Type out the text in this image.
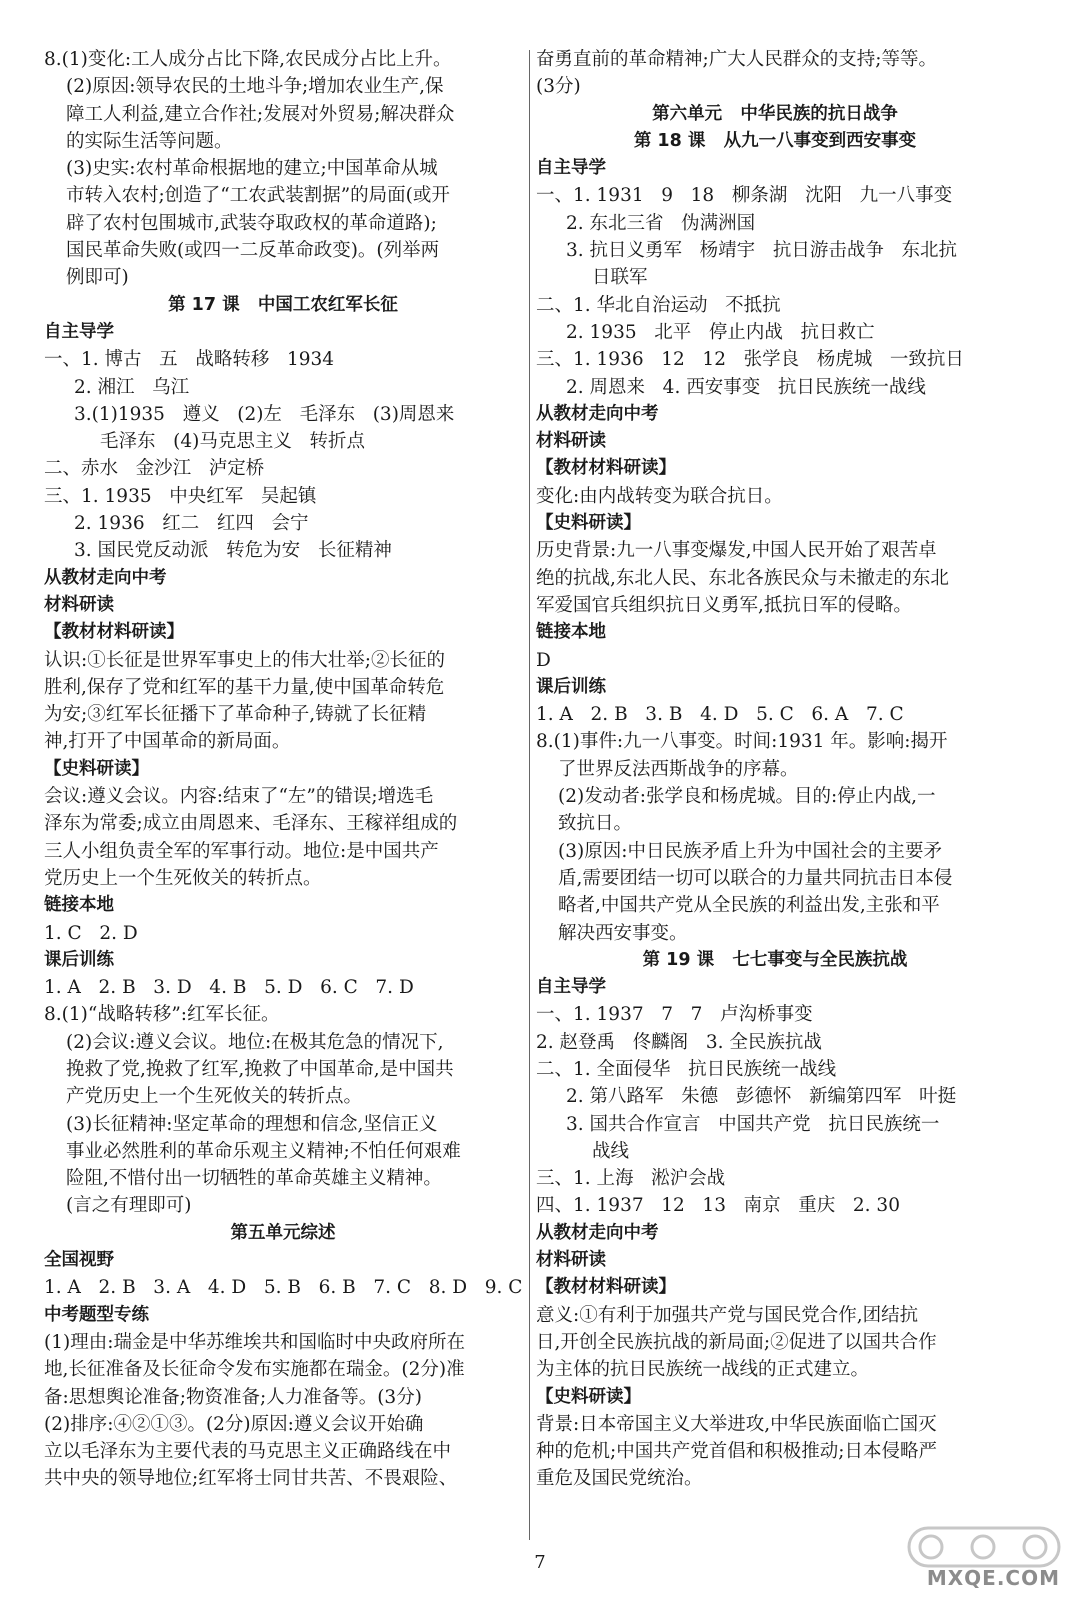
8.(1)变化:工人成分占比下降,农民成分占比上升。
(2)原因:领导农民的土地斗争;增加农业生产,保
障工人利益,建立合作社;发展对外贸易;解决群众
的实际生活等问题。
(3)史实:农村革命根据地的建立;中国革命从城
市转入农村;创造了“工农武装割据”的局面(或开
辟了农村包围城市,武装夺取政权的革命道路);
国民革命失败(或四一二反革命政变)。(列举两
例即可)
第 17 课   中国工农红军长征
自主导学
一、1. 博古   五   战略转移   1934
2. 湘江   乌江
3.(1)1935   遵义   (2)左   毛泽东   (3)周恩来
毛泽东   (4)马克思主义   转折点
二、赤水   金沙江   泸定桥
三、1. 1935   中央红军   吴起镇
2. 1936   红二   红四   会宁
3. 国民党反动派   转危为安   长征精神
从教材走向中考
材料研读
【教材材料研读】
认识:①长征是世界军事史上的伟大壮举;②长征的
胜利,保存了党和红军的基干力量,使中国革命转危
为安;③红军长征播下了革命种子,铸就了长征精
神,打开了中国革命的新局面。
【史料研读】
会议:遵义会议。内容:结束了“左”的错误;增选毛
泽东为常委;成立由周恩来、毛泽东、王稼祥组成的
三人小组负责全军的军事行动。地位:是中国共产
党历史上一个生死攸关的转折点。
链接本地
1. C   2. D
课后训练
1. A   2. B   3. D   4. B   5. D   6. C   7. D
8.(1)“战略转移”:红军长征。
(2)会议:遵义会议。地位:在极其危急的情况下,
挽救了党,挽救了红军,挽救了中国革命,是中国共
产党历史上一个生死攸关的转折点。
(3)长征精神:坚定革命的理想和信念,坚信正义
事业必然胜利的革命乐观主义精神;不怕任何艰难
险阻,不惜付出一切牺牲的革命英雄主义精神。
(言之有理即可)
第五单元综述
全国视野
1. A   2. B   3. A   4. D   5. B   6. B   7. C   8. D   9. C
中考题型专练
(1)理由:瑞金是中华苏维埃共和国临时中央政府所在
地,长征准备及长征命令发布实施都在瑞金。(2分)准
备:思想舆论准备;物资准备;人力准备等。(3分)
(2)排序:④②①③。(2分)原因:遵义会议开始确
立以毛泽东为主要代表的马克思主义正确路线在中
共中央的领导地位;红军将士同甘共苦、不畏艰险、
奋勇直前的革命精神;广大人民群众的支持;等等。
(3分)
第六单元   中华民族的抗日战争
第 18 课   从九一八事变到西安事变
自主导学
一、1. 1931   9   18   柳条湖   沈阳   九一八事变
2. 东北三省   伪满洲国
3. 抗日义勇军   杨靖宇   抗日游击战争   东北抗
日联军
二、1. 华北自治运动   不抵抗
2. 1935   北平   停止内战   抗日救亡
三、1. 1936   12   12   张学良   杨虎城   一致抗日
2. 周恩来   4. 西安事变   抗日民族统一战线
从教材走向中考
材料研读
【教材材料研读】
变化:由内战转变为联合抗日。
【史料研读】
历史背景:九一八事变爆发,中国人民开始了艰苦卓
绝的抗战,东北人民、东北各族民众与未撤走的东北
军爱国官兵组织抗日义勇军,抵抗日军的侵略。
链接本地
D
课后训练
1. A   2. B   3. B   4. D   5. C   6. A   7. C
8.(1)事件:九一八事变。时间:1931 年。影响:揭开
了世界反法西斯战争的序幕。
(2)发动者:张学良和杨虎城。目的:停止内战,一
致抗日。
(3)原因:中日民族矛盾上升为中国社会的主要矛
盾,需要团结一切可以联合的力量共同抗击日本侵
略者,中国共产党从全民族的利益出发,主张和平
解决西安事变。
第 19 课   七七事变与全民族抗战
自主导学
一、1. 1937   7   7   卢沟桥事变
2. 赵登禹   佟麟阁   3. 全民族抗战
二、1. 全面侵华   抗日民族统一战线
2. 第八路军   朱德   彭德怀   新编第四军   叶挺
3. 国共合作宣言   中国共产党   抗日民族统一
战线
三、1. 上海   淞沪会战
四、1. 1937   12   13   南京   重庆   2. 30
从教材走向中考
材料研读
【教材材料研读】
意义:①有利于加强共产党与国民党合作,团结抗
日,开创全民族抗战的新局面;②促进了以国共合作
为主体的抗日民族统一战线的正式建立。
【史料研读】
背景:日本帝国主义大举进攻,中华民族面临亡国灭
种的危机;中国共产党首倡和积极推动;日本侵略严
重危及国民党统治。
7
MXQE.COM
